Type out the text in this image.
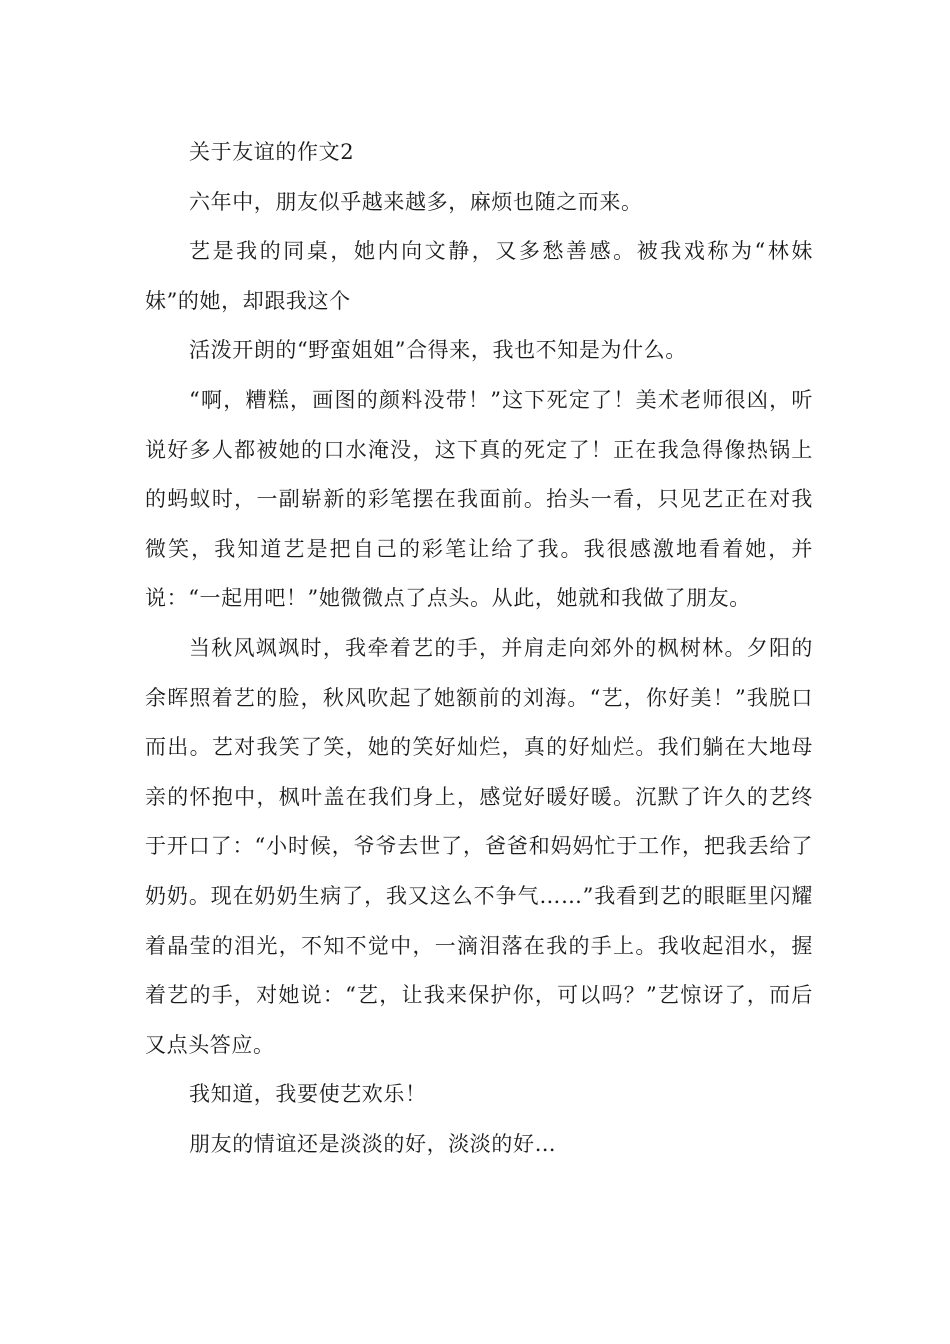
关于友谊的作文2

六年中，朋友似乎越来越多，麻烦也随之而来。

艺是我的同桌，她内向文静，又多愁善感。被我戏称为“林妹妹”的她，却跟我这个

活泼开朗的“野蛮姐姐”合得来，我也不知是为什么。

“啊，糟糕，画图的颜料没带！”这下死定了！美术老师很凶，听说好多人都被她的口水淹没，这下真的死定了！正在我急得像热锅上的蚂蚁时，一副崭新的彩笔摆在我面前。抬头一看，只见艺正在对我微笑，我知道艺是把自己的彩笔让给了我。我很感激地看着她，并说：“一起用吧！”她微微点了点头。从此，她就和我做了朋友。

当秋风飒飒时，我牵着艺的手，并肩走向郊外的枫树林。夕阳的余晖照着艺的脸，秋风吹起了她额前的刘海。“艺，你好美！”我脱口而出。艺对我笑了笑，她的笑好灿烂，真的好灿烂。我们躺在大地母亲的怀抱中，枫叶盖在我们身上，感觉好暖好暖。沉默了许久的艺终于开口了：“小时候，爷爷去世了，爸爸和妈妈忙于工作，把我丢给了奶奶。现在奶奶生病了，我又这么不争气……”我看到艺的眼眶里闪耀着晶莹的泪光，不知不觉中，一滴泪落在我的手上。我收起泪水，握着艺的手，对她说：“艺，让我来保护你，可以吗？”艺惊讶了，而后又点头答应。

我知道，我要使艺欢乐！

朋友的情谊还是淡淡的好，淡淡的好…
